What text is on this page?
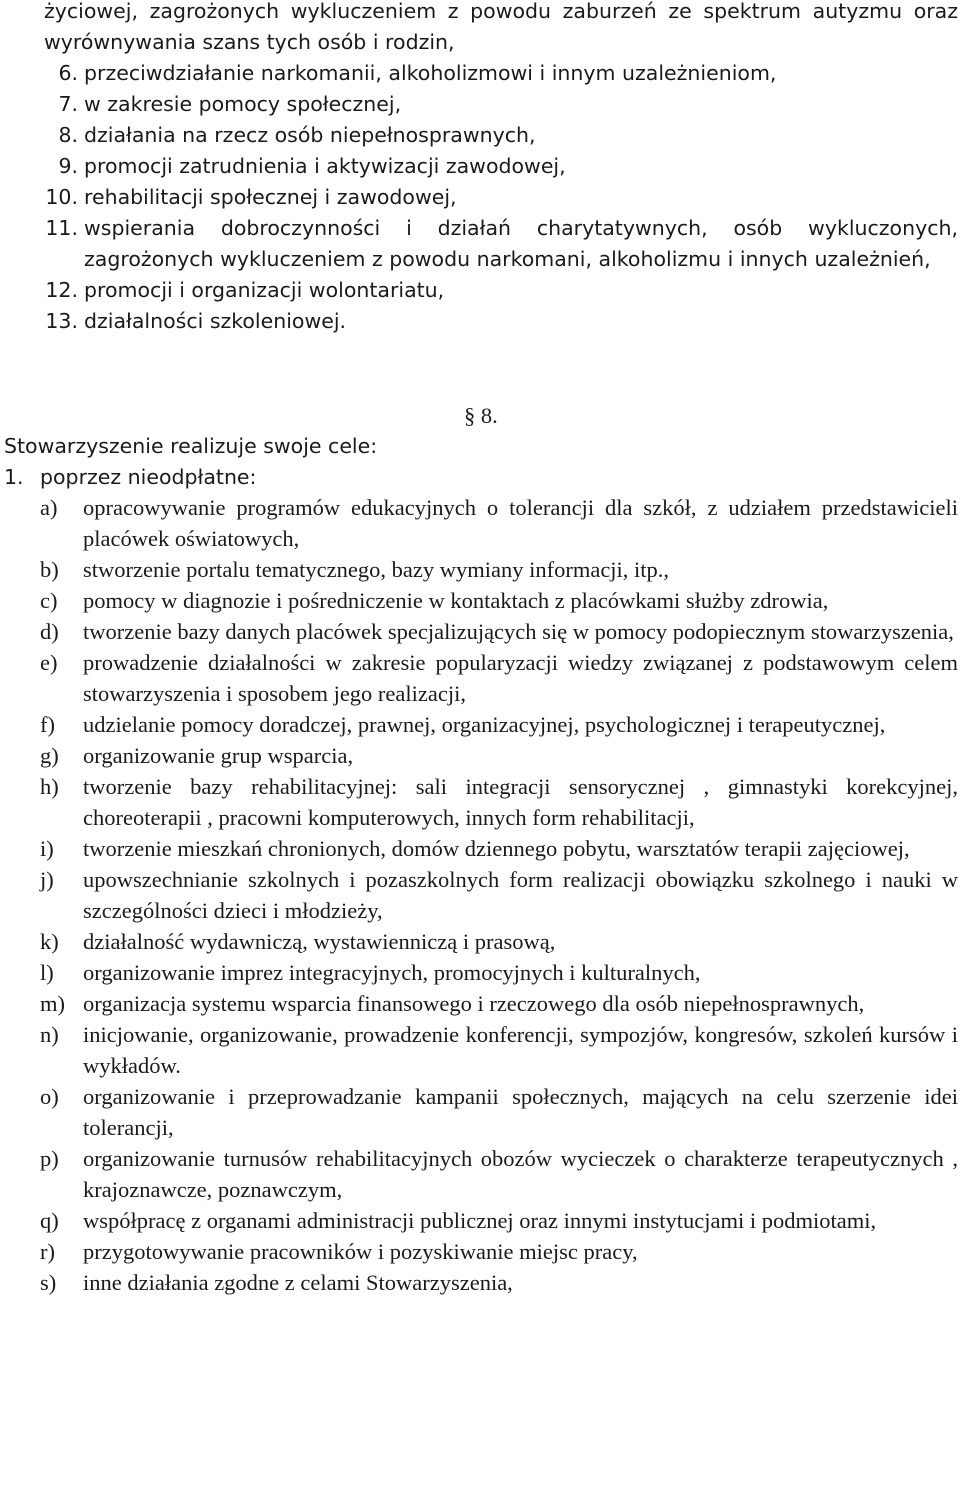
życiowej, zagrożonych wykluczeniem z powodu zaburzeń ze spektrum autyzmu oraz wyrównywania szans tych osób i rodzin,
6. przeciwdziałanie narkomanii, alkoholizmowi i innym uzależnieniom,
7. w zakresie pomocy społecznej,
8. działania na rzecz osób niepełnosprawnych,
9. promocji zatrudnienia i aktywizacji zawodowej,
10. rehabilitacji społecznej i zawodowej,
11. wspierania dobroczynności i działań charytatywnych, osób wykluczonych, zagrożonych wykluczeniem z powodu narkomani, alkoholizmu i innych uzależnień,
12. promocji i organizacji wolontariatu,
13. działalności szkoleniowej.
§ 8.
Stowarzyszenie realizuje swoje cele:
1. poprzez nieodpłatne:
a)	opracowywanie programów edukacyjnych o tolerancji dla szkół, z udziałem przedstawicieli placówek oświatowych,
b)	stworzenie portalu tematycznego, bazy wymiany informacji, itp.,
c)	pomocy w diagnozie i pośredniczenie w kontaktach z placówkami służby zdrowia,
d)	tworzenie bazy danych placówek specjalizujących się w pomocy podopiecznym stowarzyszenia,
e)	prowadzenie działalności w zakresie popularyzacji wiedzy związanej z podstawowym celem stowarzyszenia i sposobem jego realizacji,
f)	udzielanie pomocy doradczej, prawnej, organizacyjnej, psychologicznej i terapeutycznej,
g)	organizowanie grup wsparcia,
h)	tworzenie bazy rehabilitacyjnej: sali integracji sensorycznej , gimnastyki korekcyjnej, choreoterapii , pracowni komputerowych, innych form rehabilitacji,
i)	tworzenie mieszkań chronionych, domów dziennego pobytu, warsztatów terapii zajęciowej,
j)	upowszechnianie szkolnych i pozaszkolnych form realizacji obowiązku szkolnego i nauki w szczególności dzieci i młodzieży,
k)	działalność wydawniczą, wystawienniczą i prasową,
l)	organizowanie imprez integracyjnych, promocyjnych i kulturalnych,
m) organizacja systemu wsparcia finansowego i rzeczowego dla osób niepełnosprawnych,
n)	inicjowanie, organizowanie, prowadzenie konferencji, sympozjów, kongresów, szkoleń kursów i wykładów.
o)	organizowanie i przeprowadzanie kampanii społecznych, mających na celu szerzenie idei tolerancji,
p)	organizowanie turnusów rehabilitacyjnych obozów wycieczek o charakterze terapeutycznych , krajoznawcze, poznawczym,
q)	współpracę z organami administracji publicznej oraz innymi instytucjami i podmiotami,
r)	przygotowywanie pracowników i pozyskiwanie miejsc pracy,
s)	inne działania zgodne z celami Stowarzyszenia,
